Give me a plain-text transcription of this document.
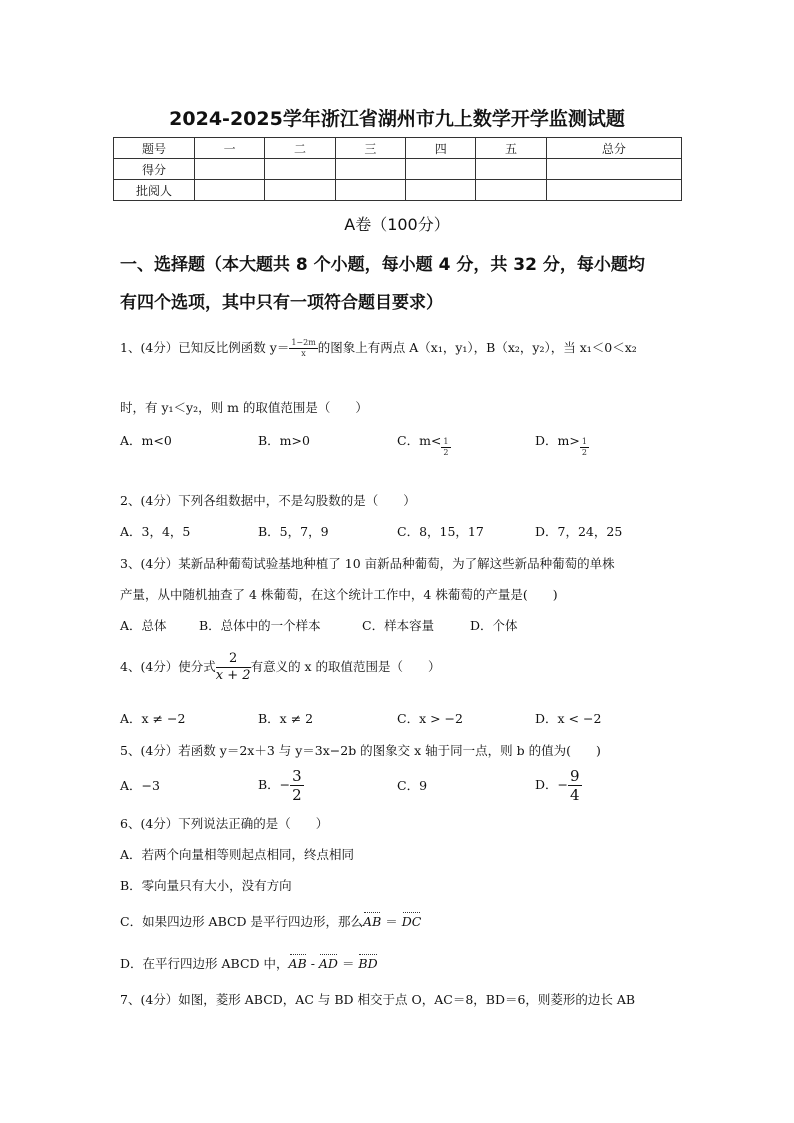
2024-2025学年浙江省湖州市九上数学开学监测试题
题号	一	二	三	四	五	总分
得分						
批阅人						
A卷（100分）
一、选择题（本大题共 8 个小题，每小题 4 分，共 32 分，每小题均
有四个选项，其中只有一项符合题目要求）
1、(4分）已知反比例函数 $y= \frac{1-2m}{x}$ 的图象上有两点 A（x₁，y₁），B（x₂，y₂），当 x₁＜0＜x₂
时，有 y₁＜y₂，则 m 的取值范围是（　　）
A．m<0	B．m>0	C．$m< \frac{1}{2}$	D．$m> \frac{1}{2}$
2、(4分）下列各组数据中，不是勾股数的是（　　）
A．3，4，5	B．5，7，9	C．8，15，17	D．7，24，25
3、(4分）某新品种葡萄试验基地种植了 10 亩新品种葡萄，为了解这些新品种葡萄的单株
产量，从中随机抽查了 4 株葡萄，在这个统计工作中，4 株葡萄的产量是(　　)
A．总体	B．总体中的一个样本	C．样本容量	D．个体
4、(4分）使分式 $\frac{2}{x + 2}$ 有意义的 x 的取值范围是（　　）
A．x ≠ −2	B．x ≠ 2	C．x > −2	D．x < −2
5、(4分）若函数 y＝2x＋3 与 y＝3x−2b 的图象交 x 轴于同一点，则 b 的值为(　　)
A．−3	B．− $\frac{3}{2}$	C．9	D．− $\frac{9}{4}$
6、(4分）下列说法正确的是（　　）
A．若两个向量相等则起点相同，终点相同
B．零向量只有大小，没有方向
C．如果四边形 ABCD 是平行四边形，那么AB ＝ DC
D．在平行四边形 ABCD 中，AB - AD ＝ BD
7、(4分）如图，菱形 ABCD，AC 与 BD 相交于点 O，AC＝8，BD＝6，则菱形的边长 AB
